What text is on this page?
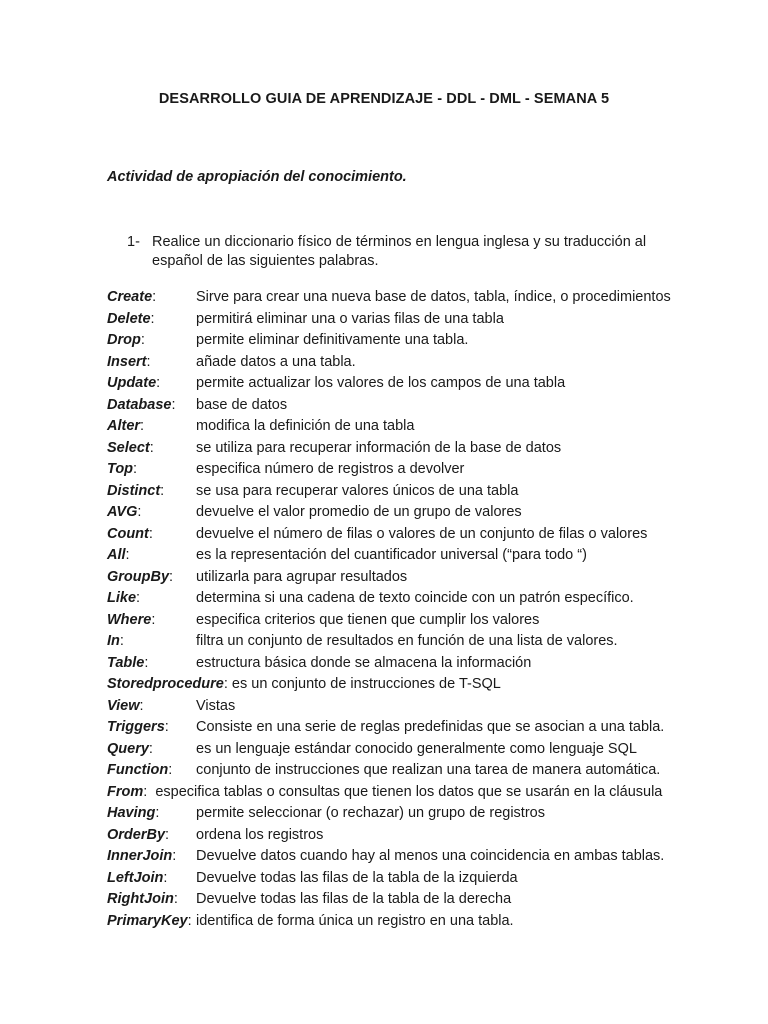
DESARROLLO GUIA DE APRENDIZAJE - DDL - DML - SEMANA 5
Actividad de apropiación del conocimiento.
1- Realice un diccionario físico de términos en lengua inglesa y su traducción al español de las siguientes palabras.
Create:	Sirve para crear una nueva base de datos, tabla, índice, o procedimientos
Delete:	permitirá eliminar una o varias filas de una tabla
Drop:	permite eliminar definitivamente una tabla.
Insert:	añade datos a una tabla.
Update: permite actualizar los valores de los campos de una tabla
Database: base de datos
Alter:	modifica la definición de una tabla
Select:	se utiliza para recuperar información de la base de datos
Top:	especifica número de registros a devolver
Distinct: se usa para recuperar valores únicos de una tabla
AVG:	devuelve el valor promedio de un grupo de valores
Count:	devuelve el número de filas o valores de un conjunto de filas o valores
All:	es la representación del cuantificador universal (“para todo “)
GroupBy: utilizarla para agrupar resultados
Like:	determina si una cadena de texto coincide con un patrón específico.
Where:	especifica criterios que tienen que cumplir los valores
In:	filtra un conjunto de resultados en función de una lista de valores.
Table:	estructura básica donde se almacena la información
Storedprocedure: es un conjunto de instrucciones de T-SQL
View:	Vistas
Triggers: Consiste en una serie de reglas predefinidas que se asocian a una tabla.
Query:	es un lenguaje estándar conocido generalmente como lenguaje SQL
Function: conjunto de instrucciones que realizan una tarea de manera automática.
From:  especifica tablas o consultas que tienen los datos que se usarán en la cláusula
Having:	permite seleccionar (o rechazar) un grupo de registros
OrderBy: ordena los registros
InnerJoin: Devuelve datos cuando hay al menos una coincidencia en ambas tablas.
LeftJoin: Devuelve todas las filas de la tabla de la izquierda
RightJoin: Devuelve todas las filas de la tabla de la derecha
PrimaryKey: identifica de forma única un registro en una tabla.
